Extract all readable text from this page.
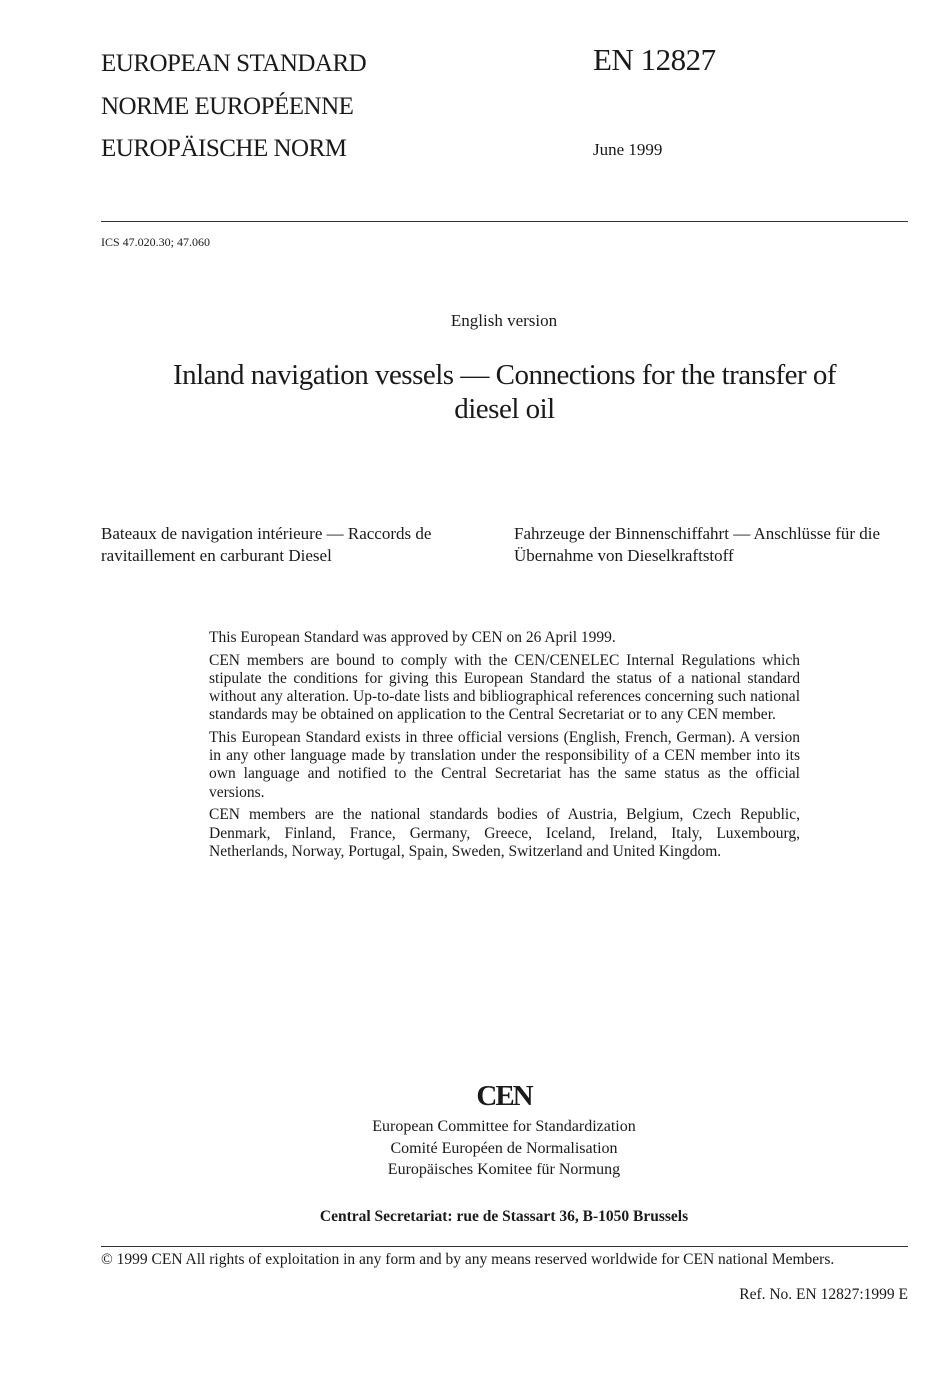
EUROPEAN STANDARD
NORME EUROPÉENNE
EUROPÄISCHE NORM
EN 12827
June 1999
ICS 47.020.30; 47.060
English version
Inland navigation vessels — Connections for the transfer of
diesel oil
Bateaux de navigation intérieure — Raccords de ravitaillement en carburant Diesel
Fahrzeuge der Binnenschiffahrt — Anschlüsse für die Übernahme von Dieselkraftstoff

This European Standard was approved by CEN on 26 April 1999.

CEN members are bound to comply with the CEN/CENELEC Internal Regulations which stipulate the conditions for giving this European Standard the status of a national standard without any alteration. Up-to-date lists and bibliographical references concerning such national standards may be obtained on application to the Central Secretariat or to any CEN member.

This European Standard exists in three official versions (English, French, German). A version in any other language made by translation under the responsibility of a CEN member into its own language and notified to the Central Secretariat has the same status as the official versions.

CEN members are the national standards bodies of Austria, Belgium, Czech Republic, Denmark, Finland, France, Germany, Greece, Iceland, Ireland, Italy, Luxembourg, Netherlands, Norway, Portugal, Spain, Sweden, Switzerland and United Kingdom.

CEN
European Committee for Standardization
Comité Européen de Normalisation
Europäisches Komitee für Normung
Central Secretariat: rue de Stassart 36, B-1050 Brussels
© 1999 CEN All rights of exploitation in any form and by any means reserved worldwide for CEN national Members.
Ref. No. EN 12827:1999 E
